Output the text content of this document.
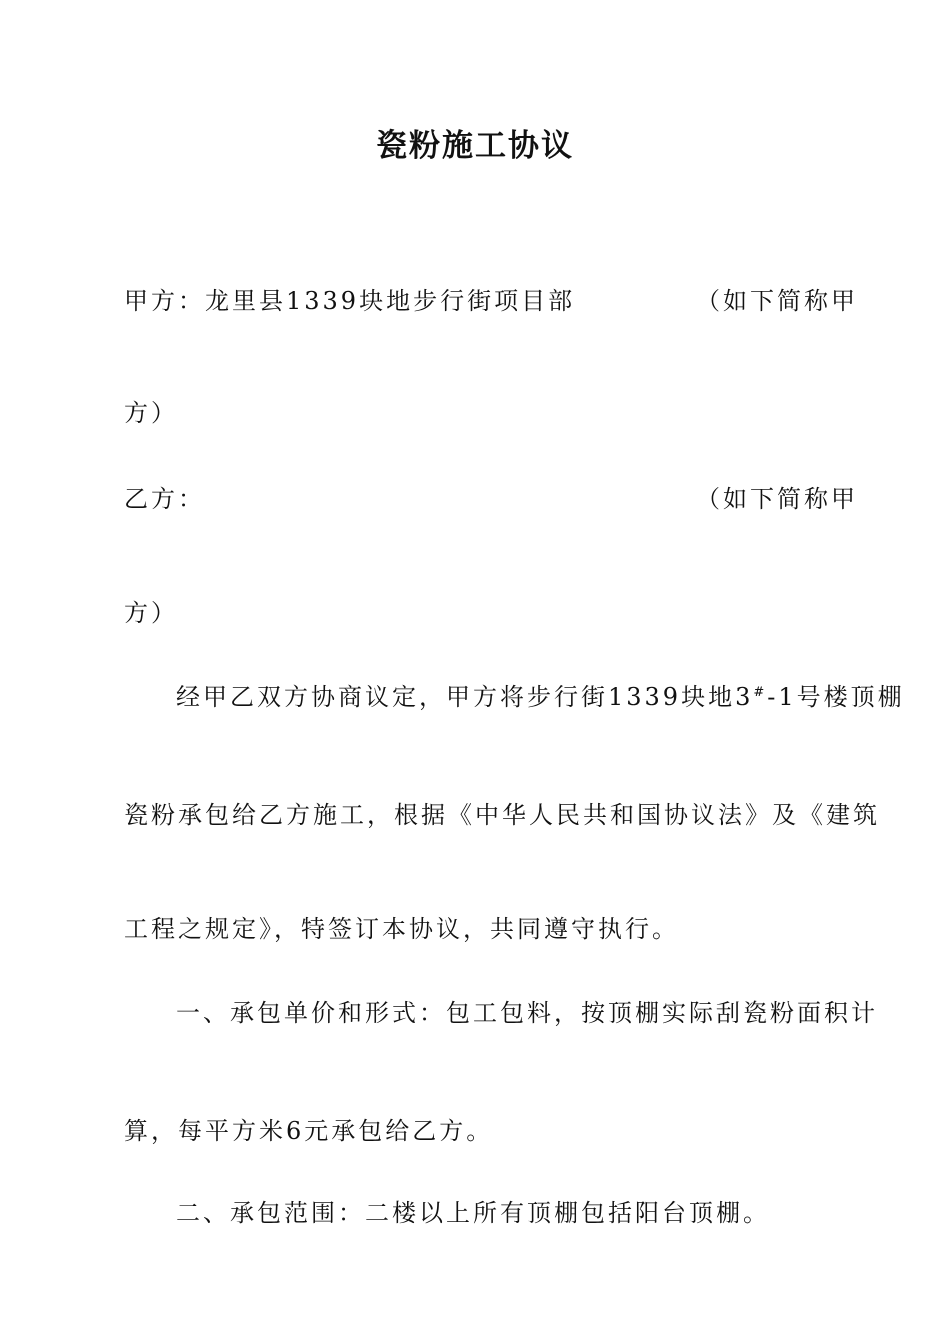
瓷粉施工协议
甲方：龙里县1339块地步行街项目部	（如下简称甲
方）
乙方：	（如下简称甲
方）
经甲乙双方协商议定，甲方将步行街1339块地3#-1号楼顶棚
瓷粉承包给乙方施工，根据《中华人民共和国协议法》及《建筑
工程之规定》，特签订本协议，共同遵守执行。
一、承包单价和形式：包工包料，按顶棚实际刮瓷粉面积计
算，每平方米6元承包给乙方。
二、承包范围：二楼以上所有顶棚包括阳台顶棚。
